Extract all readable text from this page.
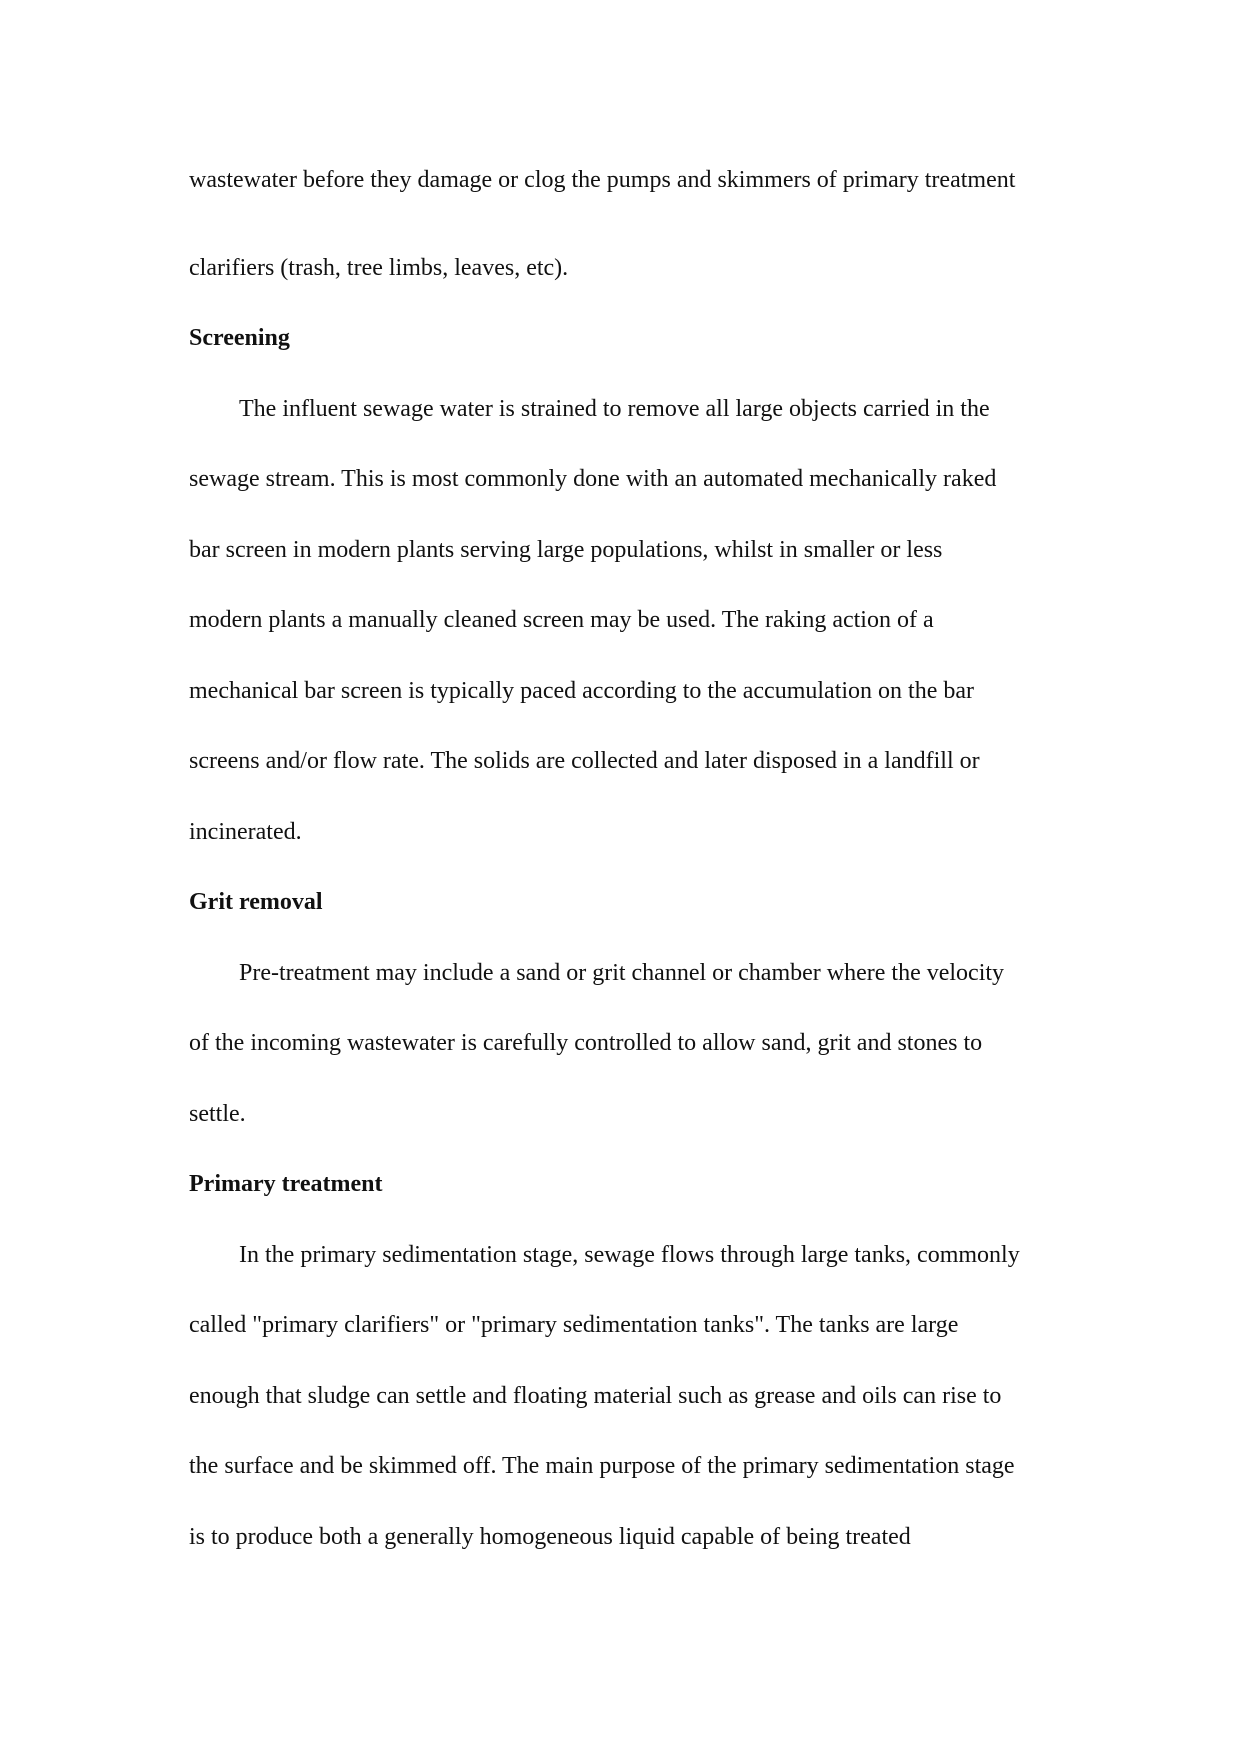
wastewater before they damage or clog the pumps and skimmers of primary treatment

clarifiers (trash, tree limbs, leaves, etc).

Screening

The influent sewage water is strained to remove all large objects carried in the

sewage stream. This is most commonly done with an automated mechanically raked

bar screen in modern plants serving large populations, whilst in smaller or less

modern plants a manually cleaned screen may be used. The raking action of a

mechanical bar screen is typically paced according to the accumulation on the bar

screens and/or flow rate. The solids are collected and later disposed in a landfill or

incinerated.

Grit removal

Pre-treatment may include a sand or grit channel or chamber where the velocity

of the incoming wastewater is carefully controlled to allow sand, grit and stones to

settle.

Primary treatment

In the primary sedimentation stage, sewage flows through large tanks, commonly

called "primary clarifiers" or "primary sedimentation tanks". The tanks are large

enough that sludge can settle and floating material such as grease and oils can rise to

the surface and be skimmed off. The main purpose of the primary sedimentation stage

is to produce both a generally homogeneous liquid capable of being treated
